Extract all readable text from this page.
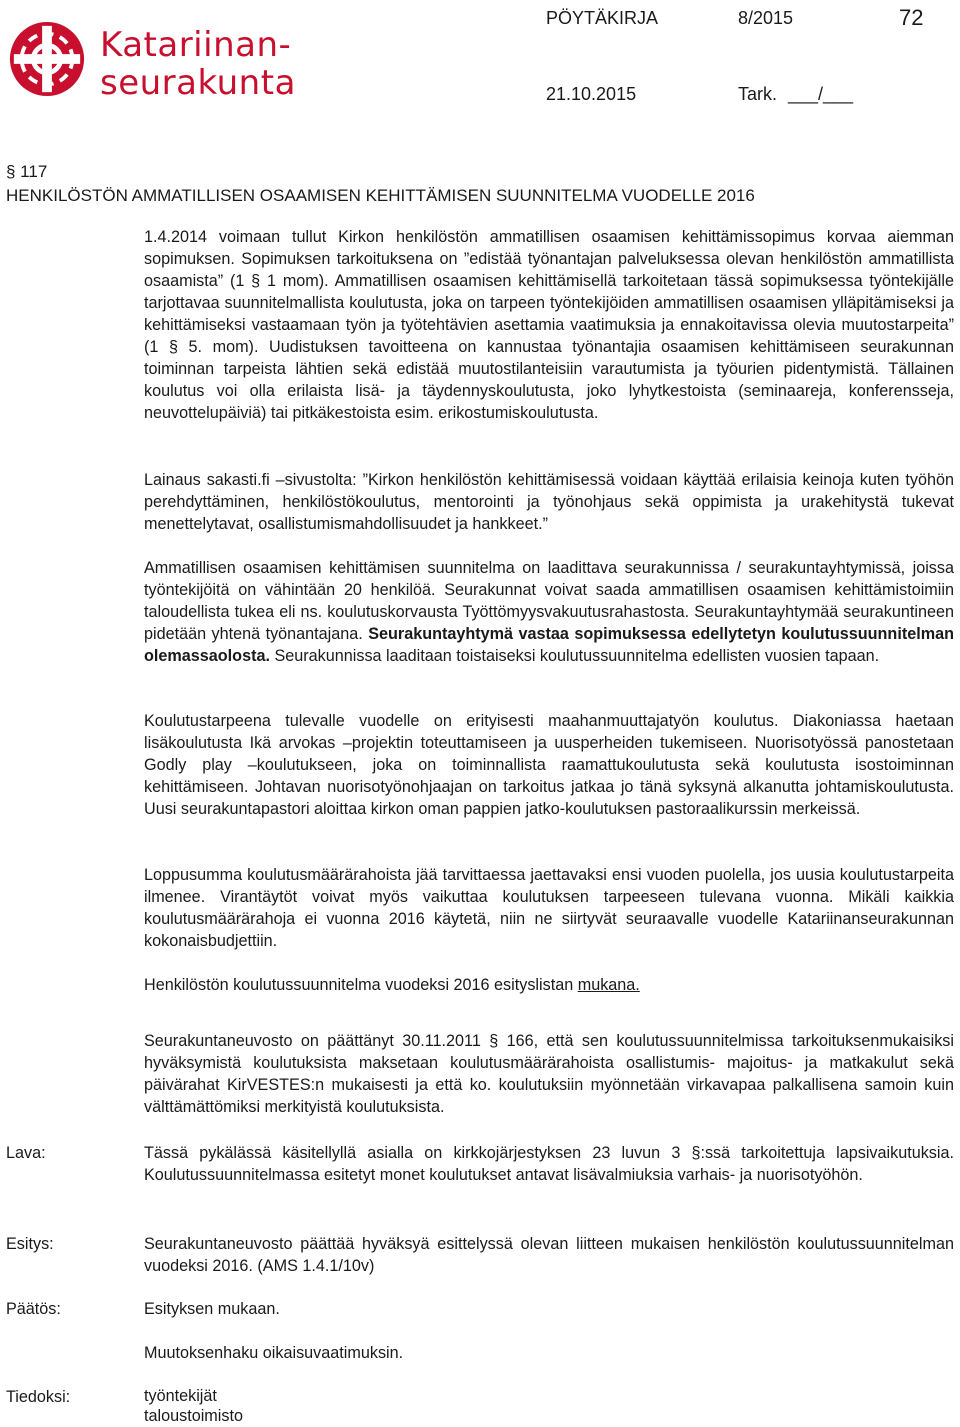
Katariinan-
seurakunta
PÖYTÄKIRJA	8/2015	72
21.10.2015	Tark. ___/___
§ 117
HENKILÖSTÖN AMMATILLISEN OSAAMISEN KEHITTÄMISEN SUUNNITELMA VUODELLE 2016

1.4.2014 voimaan tullut Kirkon henkilöstön ammatillisen osaamisen kehittämissopimus korvaa aiemman sopimuksen. Sopimuksen tarkoituksena on ”edistää työnantajan palveluksessa olevan henkilöstön ammatillista osaamista” (1 § 1 mom). Ammatillisen osaamisen kehittämisellä tarkoitetaan tässä sopimuksessa työntekijälle tarjottavaa suunnitelmallista koulutusta, joka on tarpeen työntekijöiden ammatillisen osaamisen ylläpitämiseksi ja kehittämiseksi vastaamaan työn ja työtehtävien asettamia vaatimuksia ja ennakoitavissa olevia muutostarpeita” (1 § 5. mom). Uudistuksen tavoitteena on kannustaa työnantajia osaamisen kehittämiseen seurakunnan toiminnan tarpeista lähtien sekä edistää muutostilanteisiin varautumista ja työurien pidentymistä. Tällainen koulutus voi olla erilaista lisä- ja täydennyskoulutusta, joko lyhytkestoista (seminaareja, konferensseja, neuvottelupäiviä) tai pitkäkestoista esim. erikostumiskoulutusta.

Lainaus sakasti.fi –sivustolta: ”Kirkon henkilöstön kehittämisessä voidaan käyttää erilaisia keinoja kuten työhön perehdyttäminen, henkilöstökoulutus, mentorointi ja työnohjaus sekä oppimista ja urakehitystä tukevat menettelytavat, osallistumismahdollisuudet ja hankkeet.”

Ammatillisen osaamisen kehittämisen suunnitelma on laadittava seurakunnissa / seurakuntayhtymissä, joissa työntekijöitä on vähintään 20 henkilöä. Seurakunnat voivat saada ammatillisen osaamisen kehittämistoimiin taloudellista tukea eli ns. koulutuskorvausta Työttömyysvakuutusrahastosta. Seurakuntayhtymää seurakuntineen pidetään yhtenä työnantajana. Seurakuntayhtymä vastaa sopimuksessa edellytetyn koulutussuunnitelman olemassaolosta. Seurakunnissa laaditaan toistaiseksi koulutussuunnitelma edellisten vuosien tapaan.

Koulutustarpeena tulevalle vuodelle on erityisesti maahanmuuttajatyön koulutus. Diakoniassa haetaan lisäkoulutusta Ikä arvokas –projektin toteuttamiseen ja uusperheiden tukemiseen. Nuorisotyössä panostetaan Godly play –koulutukseen, joka on toiminnallista raamattukoulutusta sekä koulutusta isostoiminnan kehittämiseen. Johtavan nuorisotyönohjaajan on tarkoitus jatkaa jo tänä syksynä alkanutta johtamiskoulutusta. Uusi seurakuntapastori aloittaa kirkon oman pappien jatko-koulutuksen pastoraalikurssin merkeissä.

Loppusumma koulutusmäärärahoista jää tarvittaessa jaettavaksi ensi vuoden puolella, jos uusia koulutustarpeita ilmenee. Virantäytöt voivat myös vaikuttaa koulutuksen tarpeeseen tulevana vuonna. Mikäli kaikkia koulutusmäärärahoja ei vuonna 2016 käytetä, niin ne siirtyvät seuraavalle vuodelle Katariinanseurakunnan kokonaisbudjettiin.

Henkilöstön koulutussuunnitelma vuodeksi 2016 esityslistan mukana.

Seurakuntaneuvosto on päättänyt 30.11.2011 § 166, että sen koulutussuunnitelmissa tarkoituksenmukaisiksi hyväksymistä koulutuksista maksetaan koulutusmäärärahoista osallistumis- majoitus- ja matkakulut sekä päivärahat KirVESTES:n mukaisesti ja että ko. koulutuksiin myönnetään virkavapaa palkallisena samoin kuin välttämättömiksi merkityistä koulutuksista.

Lava:	Tässä pykälässä käsitellyllä asialla on kirkkojärjestyksen 23 luvun 3 §:ssä tarkoitettuja lapsivaikutuksia. Koulutussuunnitelmassa esitetyt monet koulutukset antavat lisävalmiuksia varhais- ja nuorisotyöhön.

Esitys:	Seurakuntaneuvosto päättää hyväksyä esittelyssä olevan liitteen mukaisen henkilöstön koulutussuunnitelman vuodeksi 2016. (AMS 1.4.1/10v)

Päätös:	Esityksen mukaan.

Muutoksenhaku oikaisuvaatimuksin.

Tiedoksi:	työntekijät

taloustoimisto
